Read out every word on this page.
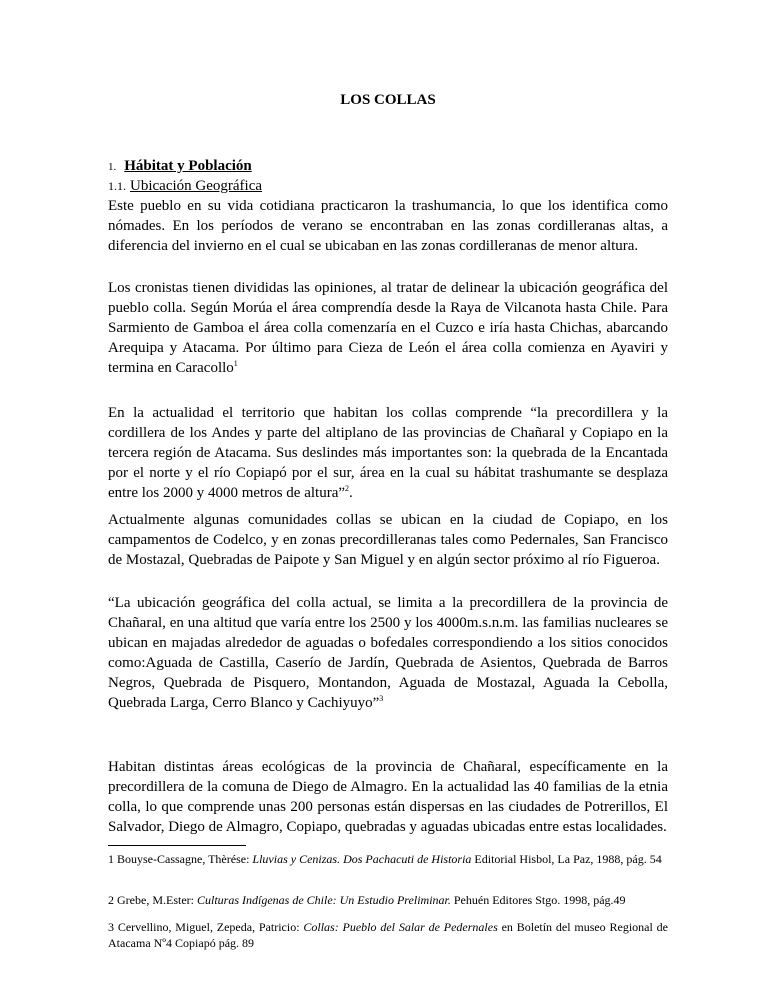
LOS COLLAS
1. Hábitat y Población
1.1. Ubicación Geográfica

Este pueblo en su vida cotidiana practicaron la trashumancia, lo que los identifica como nómades. En los períodos de verano se encontraban en las zonas cordilleranas altas, a diferencia del invierno en el cual se ubicaban en las zonas cordilleranas de menor altura.

Los cronistas tienen divididas las opiniones, al tratar de delinear la ubicación geográfica del pueblo colla. Según Morúa el área comprendía desde la Raya de Vilcanota hasta Chile. Para Sarmiento de Gamboa el área colla comenzaría en el Cuzco e iría hasta Chichas, abarcando Arequipa y Atacama. Por último para Cieza de León el área colla comienza en Ayaviri y termina en Caracollo$^1$

En la actualidad el territorio que habitan los collas comprende “la precordillera y la cordillera de los Andes y parte del altiplano de las provincias de Chañaral y Copiapo en la tercera región de Atacama. Sus deslindes más importantes son: la quebrada de la Encantada por el norte y el río Copiapó por el sur, área en la cual su hábitat trashumante se desplaza entre los 2000 y 4000 metros de altura”$^2$.

Actualmente algunas comunidades collas se ubican en la ciudad de Copiapo, en los campamentos de Codelco, y en zonas precordilleranas tales como Pedernales, San Francisco de Mostazal, Quebradas de Paipote y San Miguel y en algún sector próximo al río Figueroa.

“La ubicación geográfica del colla actual, se limita a la precordillera de la provincia de Chañaral, en una altitud que varía entre los 2500 y los 4000m.s.n.m. las familias nucleares se ubican en majadas alrededor de aguadas o bofedales correspondiendo a los sitios conocidos como:Aguada de Castilla, Caserío de Jardín, Quebrada de Asientos, Quebrada de Barros Negros, Quebrada de Pisquero, Montandon, Aguada de Mostazal, Aguada la Cebolla, Quebrada Larga, Cerro Blanco y Cachiyuyo”$^3$

Habitan distintas áreas ecológicas de la provincia de Chañaral, específicamente en la precordillera de la comuna de Diego de Almagro. En la actualidad las 40 familias de la etnia colla, lo que comprende unas 200 personas están dispersas en las ciudades de Potrerillos, El Salvador, Diego de Almagro, Copiapo, quebradas y aguadas ubicadas entre estas localidades.

1 Bouyse-Cassagne, Thèrése: Lluvias y Cenizas. Dos Pachacuti de Historia Editorial Hisbol, La Paz, 1988, pág. 54
2 Grebe, M.Ester: Culturas Indígenas de Chile: Un Estudio Preliminar. Pehuén Editores Stgo. 1998, pág.49
3 Cervellino, Miguel, Zepeda, Patricio: Collas: Pueblo del Salar de Pedernales en Boletín del museo Regional de Atacama Nº4 Copiapó pág. 89
